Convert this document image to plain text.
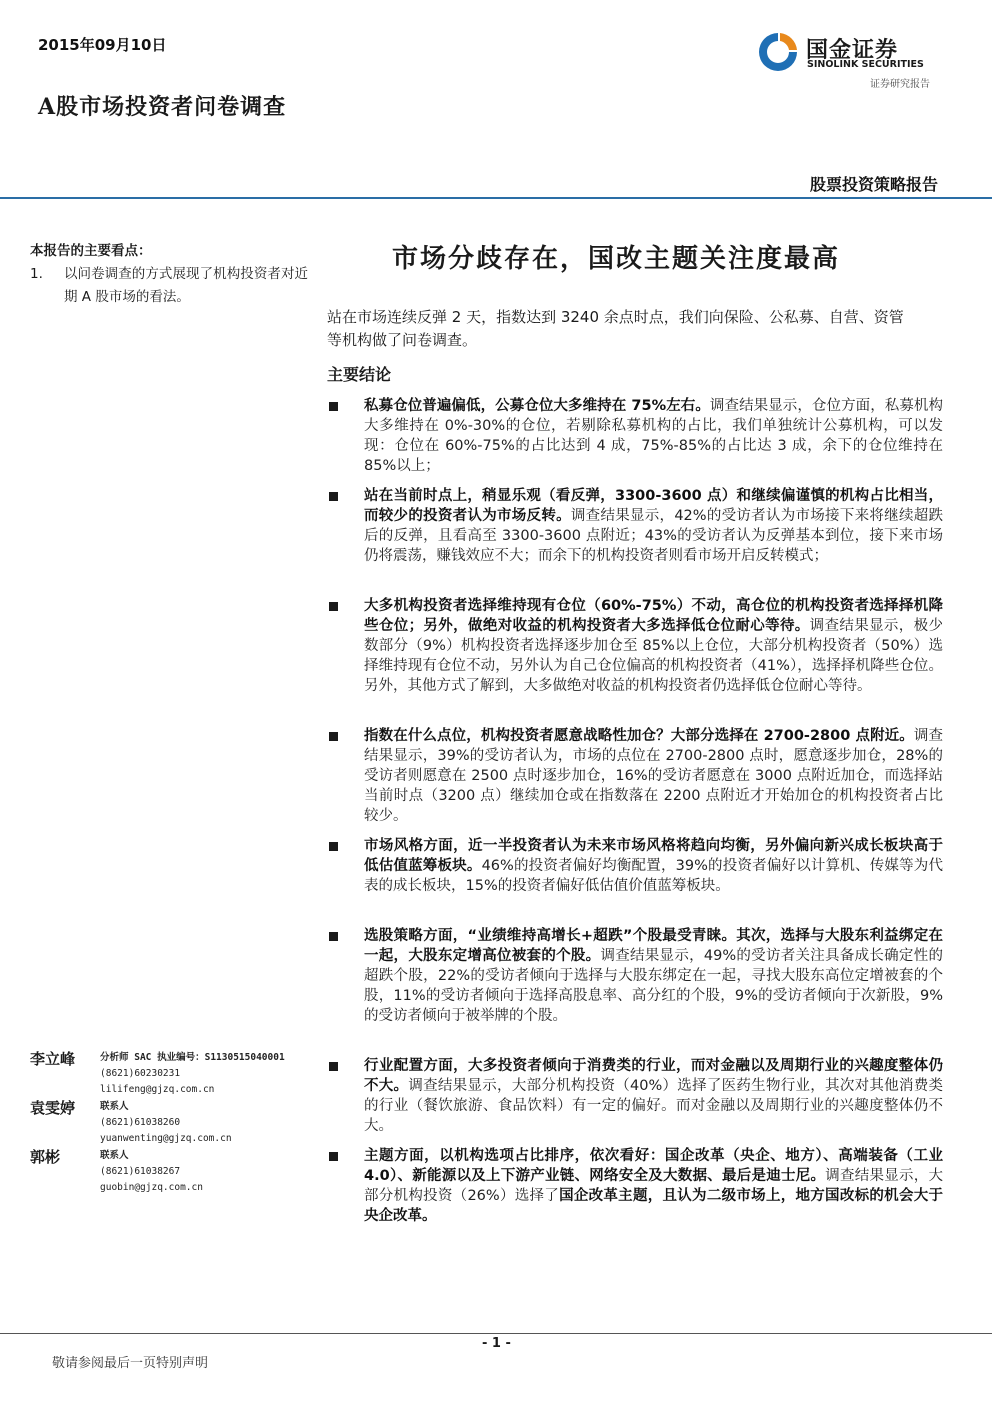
2015年09月10日
A股市场投资者问卷调查
国金证券
SINOLINK SECURITIES
证券研究报告
股票投资策略报告
本报告的主要看点：
1.	以问卷调查的方式展现了机构投资者对近期 A 股市场的看法。
市场分歧存在，国改主题关注度最高
站在市场连续反弹 2 天，指数达到 3240 余点时点，我们向保险、公私募、自营、资管等机构做了问卷调查。
主要结论
私募仓位普遍偏低，公募仓位大多维持在 75%左右。调查结果显示，仓位方面，私募机构大多维持在 0%-30%的仓位，若剔除私募机构的占比，我们单独统计公募机构，可以发现：仓位在 60%-75%的占比达到 4 成，75%-85%的占比达 3 成，余下的仓位维持在 85%以上；
站在当前时点上，稍显乐观（看反弹，3300-3600 点）和继续偏谨慎的机构占比相当，而较少的投资者认为市场反转。调查结果显示，42%的受访者认为市场接下来将继续超跌后的反弹，且看高至 3300-3600 点附近；43%的受访者认为反弹基本到位，接下来市场仍将震荡，赚钱效应不大；而余下的机构投资者则看市场开启反转模式；
大多机构投资者选择维持现有仓位（60%-75%）不动，高仓位的机构投资者选择择机降些仓位；另外，做绝对收益的机构投资者大多选择低仓位耐心等待。调查结果显示，极少数部分（9%）机构投资者选择逐步加仓至 85%以上仓位，大部分机构投资者（50%）选择维持现有仓位不动，另外认为自己仓位偏高的机构投资者（41%），选择择机降些仓位。另外，其他方式了解到，大多做绝对收益的机构投资者仍选择低仓位耐心等待。
指数在什么点位，机构投资者愿意战略性加仓？大部分选择在 2700-2800 点附近。调查结果显示，39%的受访者认为，市场的点位在 2700-2800 点时，愿意逐步加仓，28%的受访者则愿意在 2500 点时逐步加仓，16%的受访者愿意在 3000 点附近加仓，而选择站当前时点（3200 点）继续加仓或在指数落在 2200 点附近才开始加仓的机构投资者占比较少。
市场风格方面，近一半投资者认为未来市场风格将趋向均衡，另外偏向新兴成长板块高于低估值蓝筹板块。46%的投资者偏好均衡配置，39%的投资者偏好以计算机、传媒等为代表的成长板块，15%的投资者偏好低估值价值蓝筹板块。
选股策略方面，“业绩维持高增长+超跌”个股最受青睐。其次，选择与大股东利益绑定在一起，大股东定增高位被套的个股。调查结果显示，49%的受访者关注具备成长确定性的超跌个股，22%的受访者倾向于选择与大股东绑定在一起，寻找大股东高位定增被套的个股，11%的受访者倾向于选择高股息率、高分红的个股，9%的受访者倾向于次新股，9%的受访者倾向于被举牌的个股。
行业配置方面，大多投资者倾向于消费类的行业，而对金融以及周期行业的兴趣度整体仍不大。调查结果显示，大部分机构投资（40%）选择了医药生物行业，其次对其他消费类的行业（餐饮旅游、食品饮料）有一定的偏好。而对金融以及周期行业的兴趣度整体仍不大。
主题方面，以机构选项占比排序，依次看好：国企改革（央企、地方）、高端装备（工业 4.0）、新能源以及上下游产业链、网络安全及大数据、最后是迪士尼。调查结果显示，大部分机构投资（26%）选择了国企改革主题，且认为二级市场上，地方国改标的机会大于央企改革。
李立峰	分析师 SAC 执业编号：S1130515040001
(8621)60230231
lilifeng@gjzq.com.cn
袁雯婷	联系人
(8621)61038260
yuanwenting@gjzq.com.cn
郭彬	联系人
(8621)61038267
guobin@gjzq.com.cn
- 1 -
敬请参阅最后一页特别声明
